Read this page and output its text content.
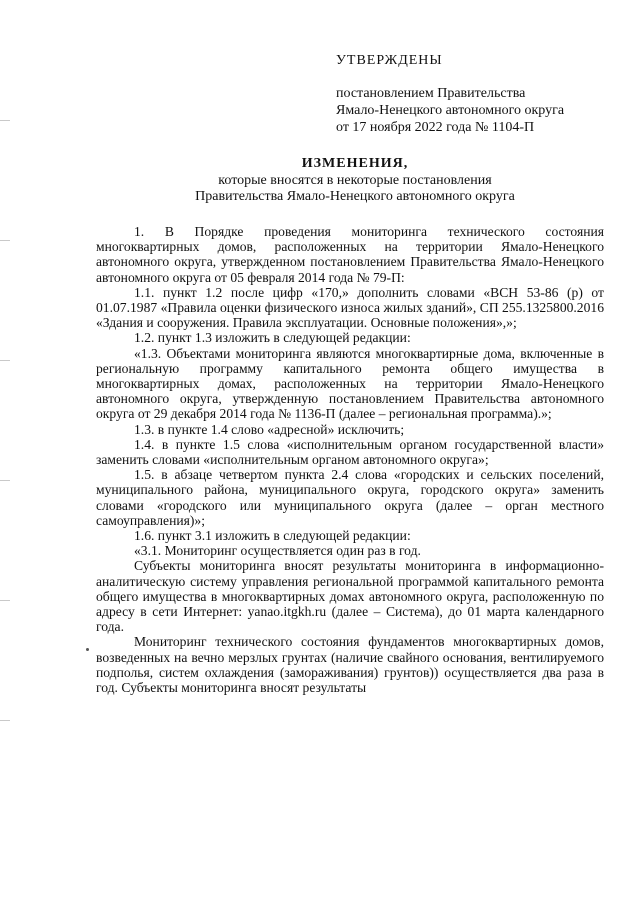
УТВЕРЖДЕНЫ
постановлением Правительства
Ямало-Ненецкого автономного округа
от 17 ноября 2022 года № 1104-П
ИЗМЕНЕНИЯ,
которые вносятся в некоторые постановления
Правительства Ямало-Ненецкого автономного округа

1. В Порядке проведения мониторинга технического состояния многоквартирных домов, расположенных на территории Ямало-Ненецкого автономного округа, утвержденном постановлением Правительства Ямало-Ненецкого автономного округа от 05 февраля 2014 года № 79-П:

1.1. пункт 1.2 после цифр «170,» дополнить словами «ВСН 53-86 (р) от 01.07.1987 «Правила оценки физического износа жилых зданий», СП 255.1325800.2016 «Здания и сооружения. Правила эксплуатации. Основные положения»,»;

1.2. пункт 1.3 изложить в следующей редакции:

«1.3. Объектами мониторинга являются многоквартирные дома, включенные в региональную программу капитального ремонта общего имущества в многоквартирных домах, расположенных на территории Ямало-Ненецкого автономного округа, утвержденную постановлением Правительства автономного округа от 29 декабря 2014 года № 1136-П (далее – региональная программа).»;

1.3. в пункте 1.4 слово «адресной» исключить;

1.4. в пункте 1.5 слова «исполнительным органом государственной власти» заменить словами «исполнительным органом автономного округа»;

1.5. в абзаце четвертом пункта 2.4 слова «городских и сельских поселений, муниципального района, муниципального округа, городского округа» заменить словами «городского или муниципального округа (далее – орган местного самоуправления)»;

1.6. пункт 3.1 изложить в следующей редакции:

«3.1. Мониторинг осуществляется один раз в год.

Субъекты мониторинга вносят результаты мониторинга в информационно-аналитическую систему управления региональной программой капитального ремонта общего имущества в многоквартирных домах автономного округа, расположенную по адресу в сети Интернет: yanao.itgkh.ru (далее – Система), до 01 марта календарного года.

Мониторинг технического состояния фундаментов многоквартирных домов, возведенных на вечно мерзлых грунтах (наличие свайного основания, вентилируемого подполья, систем охлаждения (замораживания) грунтов)) осуществляется два раза в год. Субъекты мониторинга вносят результаты
